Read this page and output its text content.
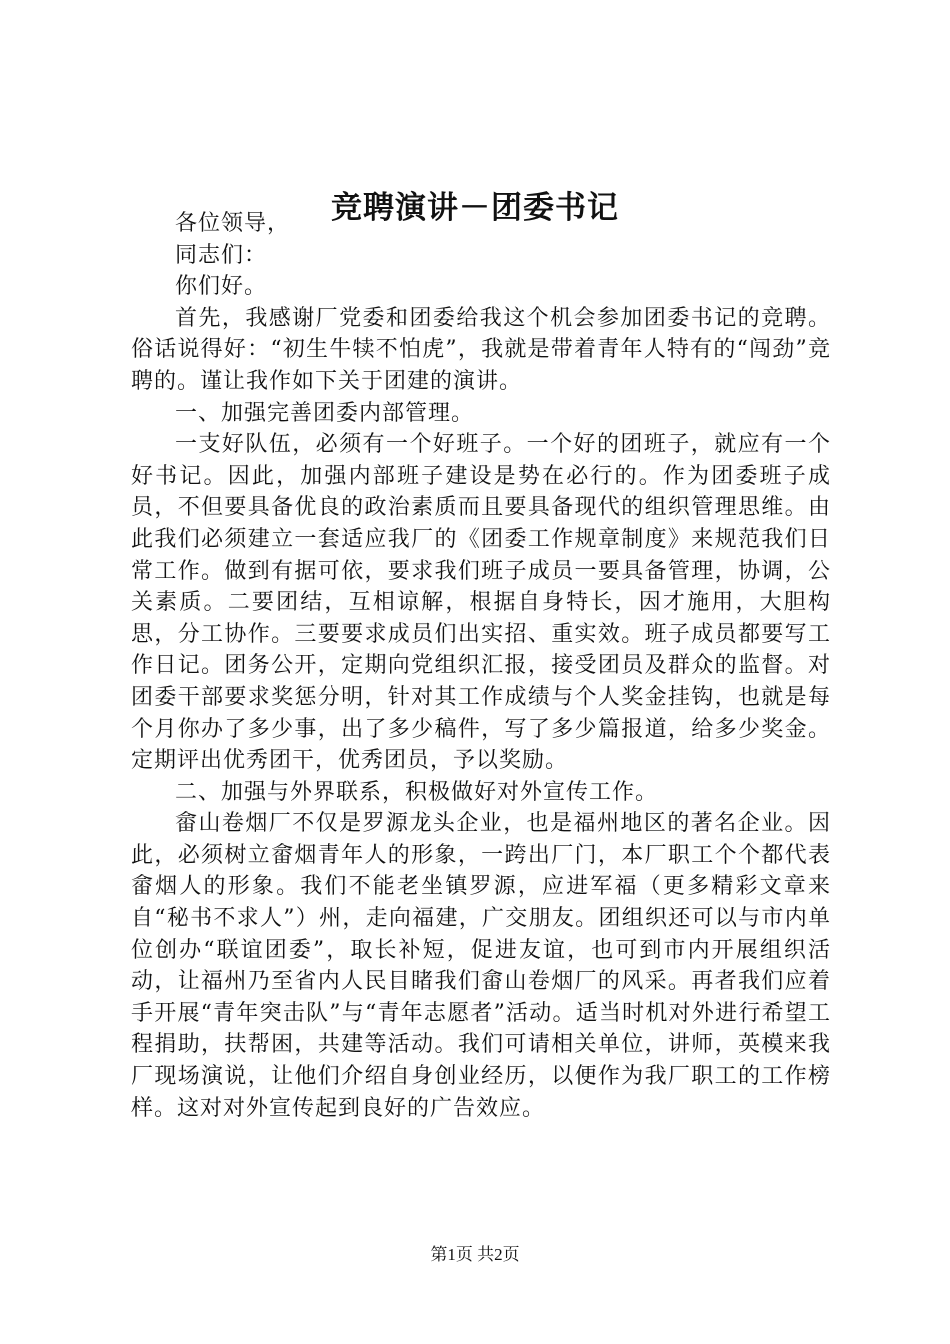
竞聘演讲－团委书记

各位领导，

同志们：

你们好。

首先，我感谢厂党委和团委给我这个机会参加团委书记的竞聘。俗话说得好：“初生牛犊不怕虎”，我就是带着青年人特有的“闯劲”竞聘的。谨让我作如下关于团建的演讲。

一、加强完善团委内部管理。

一支好队伍，必须有一个好班子。一个好的团班子，就应有一个好书记。因此，加强内部班子建设是势在必行的。作为团委班子成员，不但要具备优良的政治素质而且要具备现代的组织管理思维。由此我们必须建立一套适应我厂的《团委工作规章制度》来规范我们日常工作。做到有据可依，要求我们班子成员一要具备管理，协调，公关素质。二要团结，互相谅解，根据自身特长，因才施用，大胆构思，分工协作。三要要求成员们出实招、重实效。班子成员都要写工作日记。团务公开，定期向党组织汇报，接受团员及群众的监督。对团委干部要求奖惩分明，针对其工作成绩与个人奖金挂钩，也就是每个月你办了多少事，出了多少稿件，写了多少篇报道，给多少奖金。定期评出优秀团干，优秀团员，予以奖励。

二、加强与外界联系，积极做好对外宣传工作。

畲山卷烟厂不仅是罗源龙头企业，也是福州地区的著名企业。因此，必须树立畲烟青年人的形象，一跨出厂门，本厂职工个个都代表畲烟人的形象。我们不能老坐镇罗源，应进军福（更多精彩文章来自“秘书不求人”）州，走向福建，广交朋友。团组织还可以与市内单位创办“联谊团委”，取长补短，促进友谊，也可到市内开展组织活动，让福州乃至省内人民目睹我们畲山卷烟厂的风采。再者我们应着手开展“青年突击队”与“青年志愿者”活动。适当时机对外进行希望工程捐助，扶帮困，共建等活动。我们可请相关单位，讲师，英模来我厂现场演说，让他们介绍自身创业经历，以便作为我厂职工的工作榜样。这对对外宣传起到良好的广告效应。

第1页 共2页
